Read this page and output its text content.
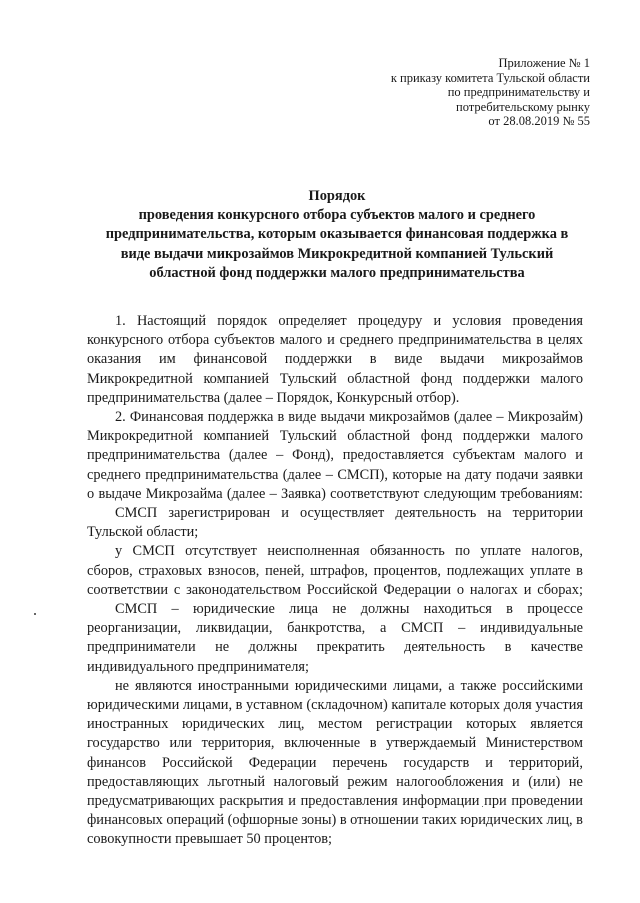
Приложение № 1
к приказу комитета Тульской области
по предпринимательству и
потребительскому рынку
от 28.08.2019 № 55
Порядок
проведения конкурсного отбора субъектов малого и среднего
предпринимательства, которым оказывается финансовая поддержка в
виде выдачи микрозаймов Микрокредитной компанией Тульский
областной фонд поддержки малого предпринимательства
1. Настоящий порядок определяет процедуру и условия проведения
конкурсного отбора субъектов малого и среднего предпринимательства в целях
оказания им финансовой поддержки в виде выдачи микрозаймов
Микрокредитной компанией Тульский областной фонд поддержки малого
предпринимательства (далее – Порядок, Конкурсный отбор).
2. Финансовая поддержка в виде выдачи микрозаймов (далее – Микрозайм)
Микрокредитной компанией Тульский областной фонд поддержки малого
предпринимательства (далее – Фонд), предоставляется субъектам малого и
среднего предпринимательства (далее – СМСП), которые на дату подачи заявки
о выдаче Микрозайма (далее – Заявка) соответствуют следующим требованиям:
СМСП зарегистрирован и осуществляет деятельность на территории
Тульской области;
у СМСП отсутствует неисполненная обязанность по уплате налогов,
сборов, страховых взносов, пеней, штрафов, процентов, подлежащих уплате в
соответствии с законодательством Российской Федерации о налогах и сборах;
СМСП – юридические лица не должны находиться в процессе
реорганизации, ликвидации, банкротства, а СМСП – индивидуальные
предприниматели не должны прекратить деятельность в качестве
индивидуального предпринимателя;
не являются иностранными юридическими лицами, а также российскими
юридическими лицами, в уставном (складочном) капитале которых доля участия
иностранных юридических лиц, местом регистрации которых является
государство или территория, включенные в утверждаемый Министерством
финансов Российской Федерации перечень государств и территорий,
предоставляющих льготный налоговый режим налогообложения и (или) не
предусматривающих раскрытия и предоставления информации при проведении
финансовых операций (офшорные зоны) в отношении таких юридических лиц, в
совокупности превышает 50 процентов;
